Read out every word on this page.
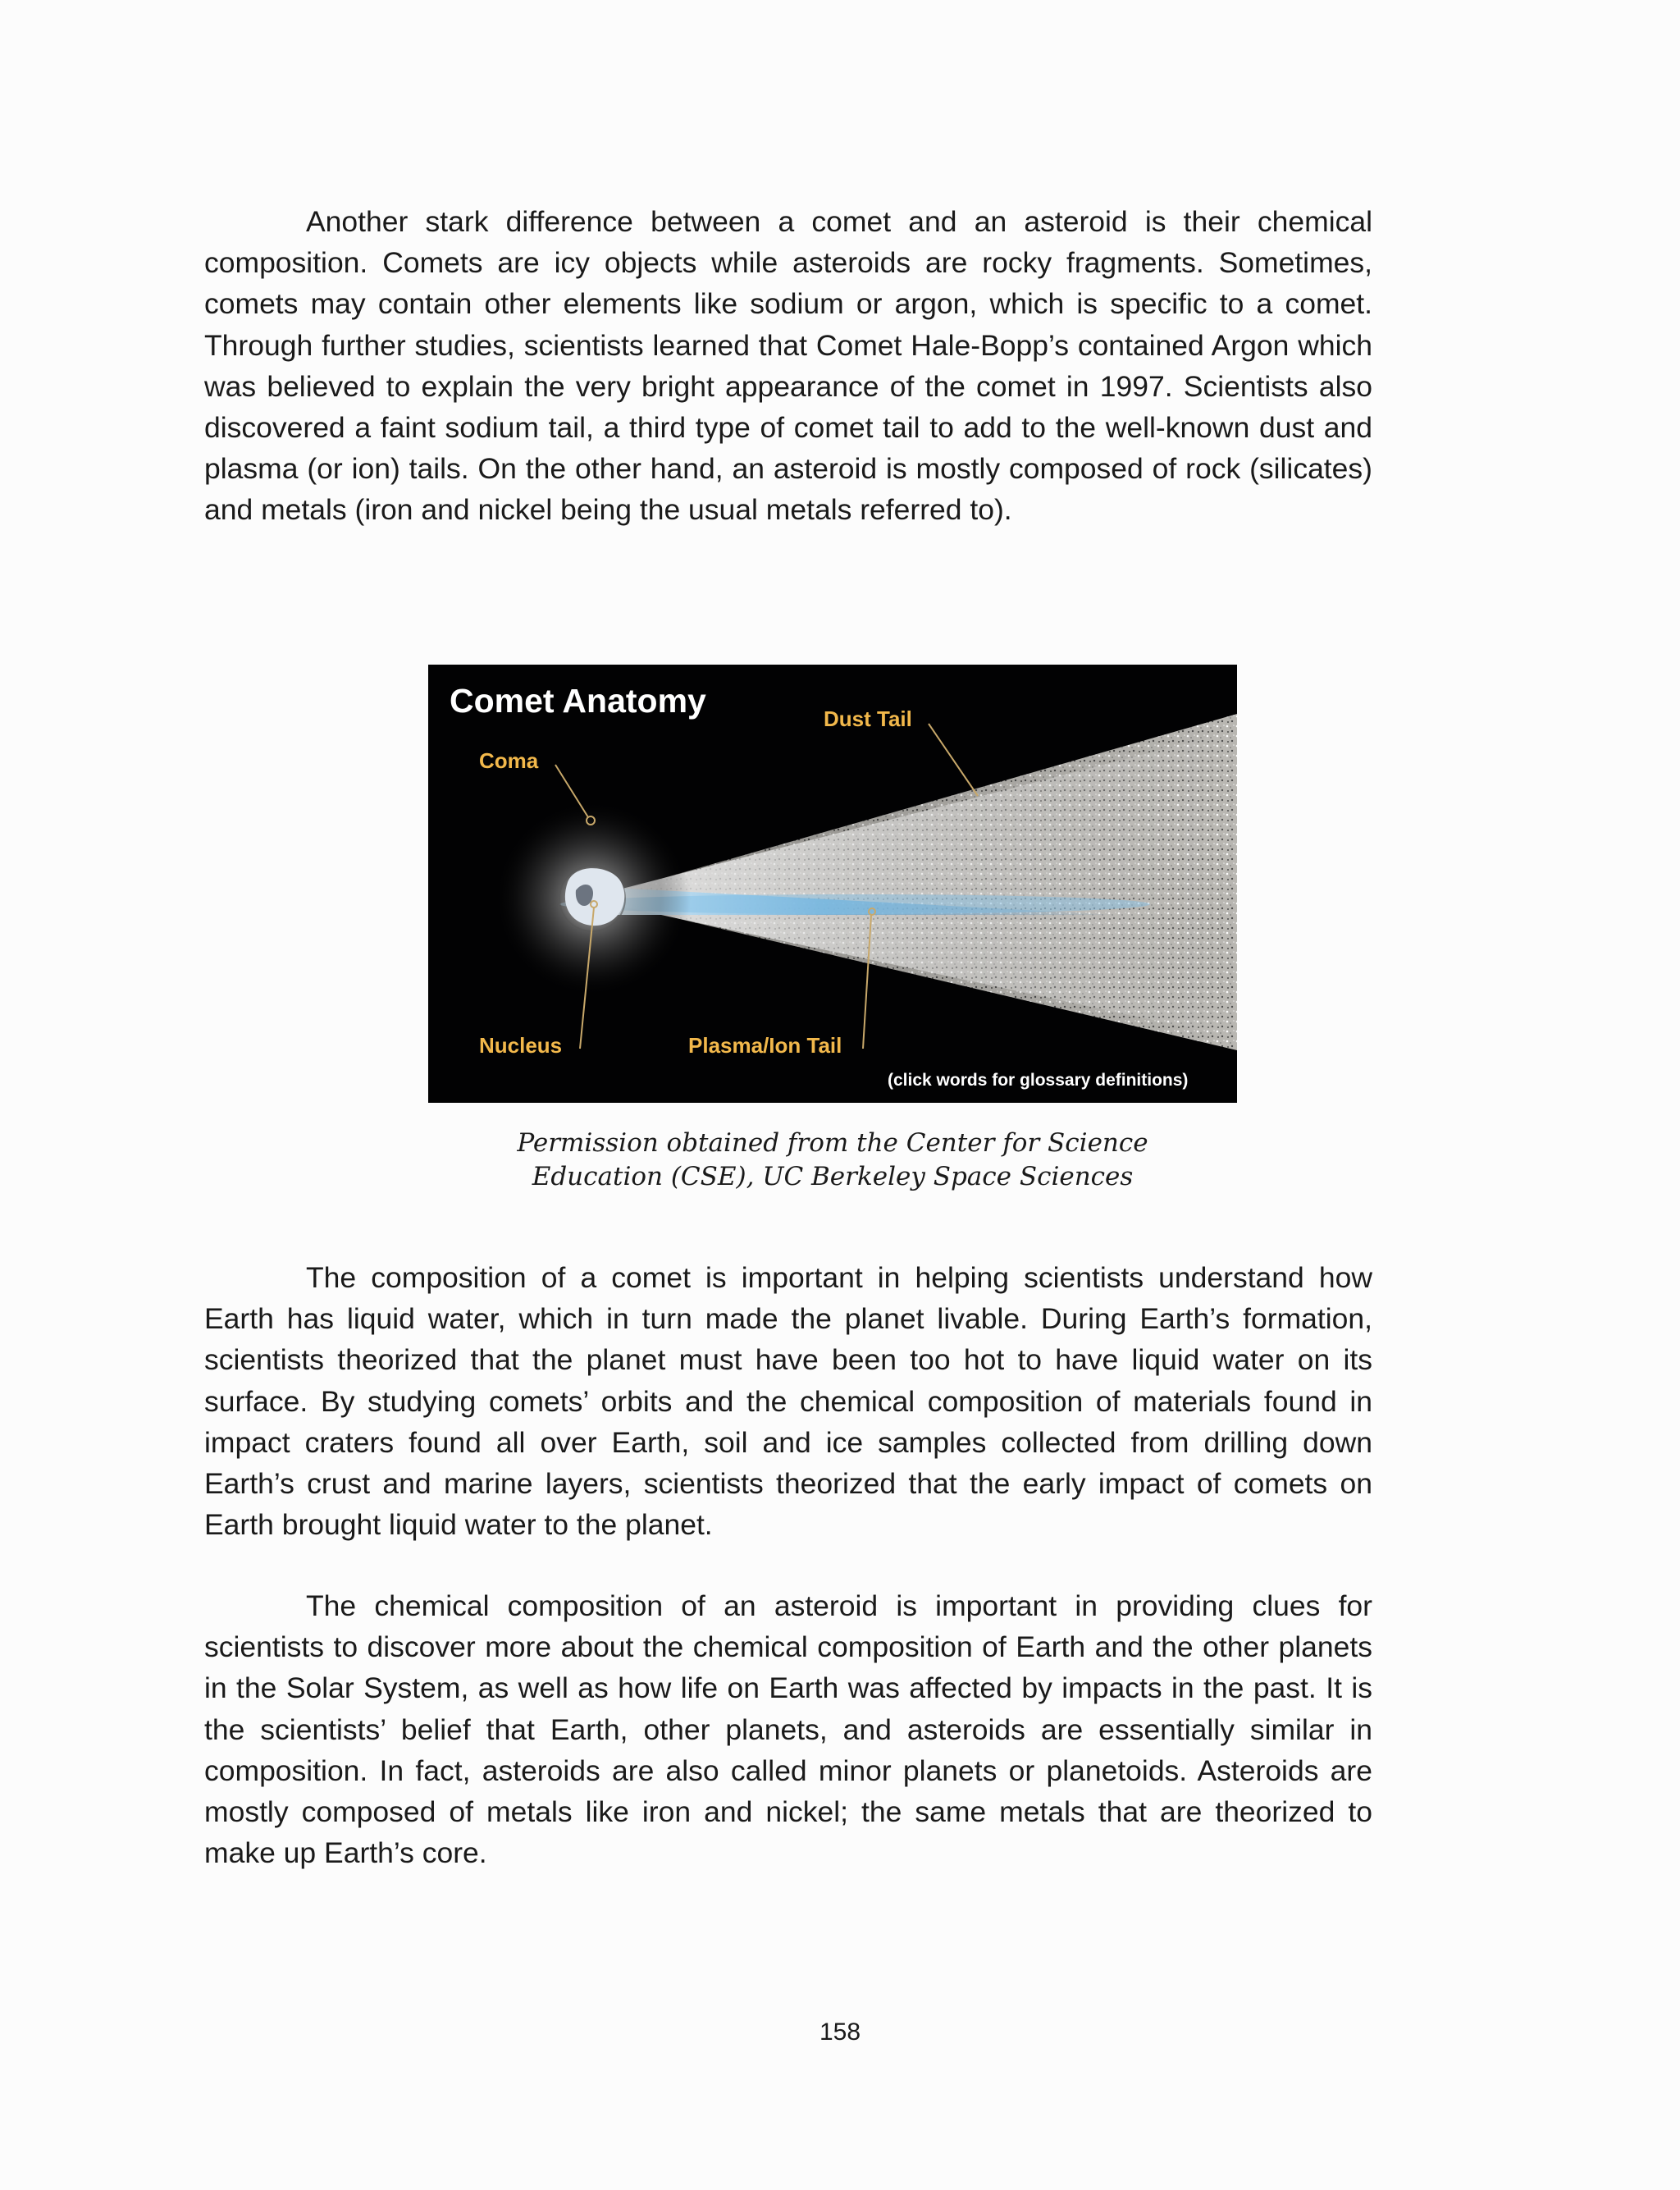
Another stark difference between a comet and an asteroid is their chemical composition. Comets are icy objects while asteroids are rocky fragments. Sometimes, comets may contain other elements like sodium or argon, which is specific to a comet. Through further studies, scientists learned that Comet Hale-Bopp’s contained Argon which was believed to explain the very bright appearance of the comet in 1997. Scientists also discovered a faint sodium tail, a third type of comet tail to add to the well-known dust and plasma (or ion) tails. On the other hand, an asteroid is mostly composed of rock (silicates) and metals (iron and nickel being the usual metals referred to).

Comet Anatomy
Coma
Dust Tail
Nucleus	Plasma/Ion Tail
(click words for glossary definitions)
Permission obtained from the Center for Science
Education (CSE), UC Berkeley Space Sciences

The composition of a comet is important in helping scientists understand how Earth has liquid water, which in turn made the planet livable. During Earth’s formation, scientists theorized that the planet must have been too hot to have liquid water on its surface. By studying comets’ orbits and the chemical composition of materials found in impact craters found all over Earth, soil and ice samples collected from drilling down Earth’s crust and marine layers, scientists theorized that the early impact of comets on Earth brought liquid water to the planet.

The chemical composition of an asteroid is important in providing clues for scientists to discover more about the chemical composition of Earth and the other planets in the Solar System, as well as how life on Earth was affected by impacts in the past. It is the scientists’ belief that Earth, other planets, and asteroids are essentially similar in composition. In fact, asteroids are also called minor planets or planetoids. Asteroids are mostly composed of metals like iron and nickel; the same metals that are theorized to make up Earth’s core.

158
